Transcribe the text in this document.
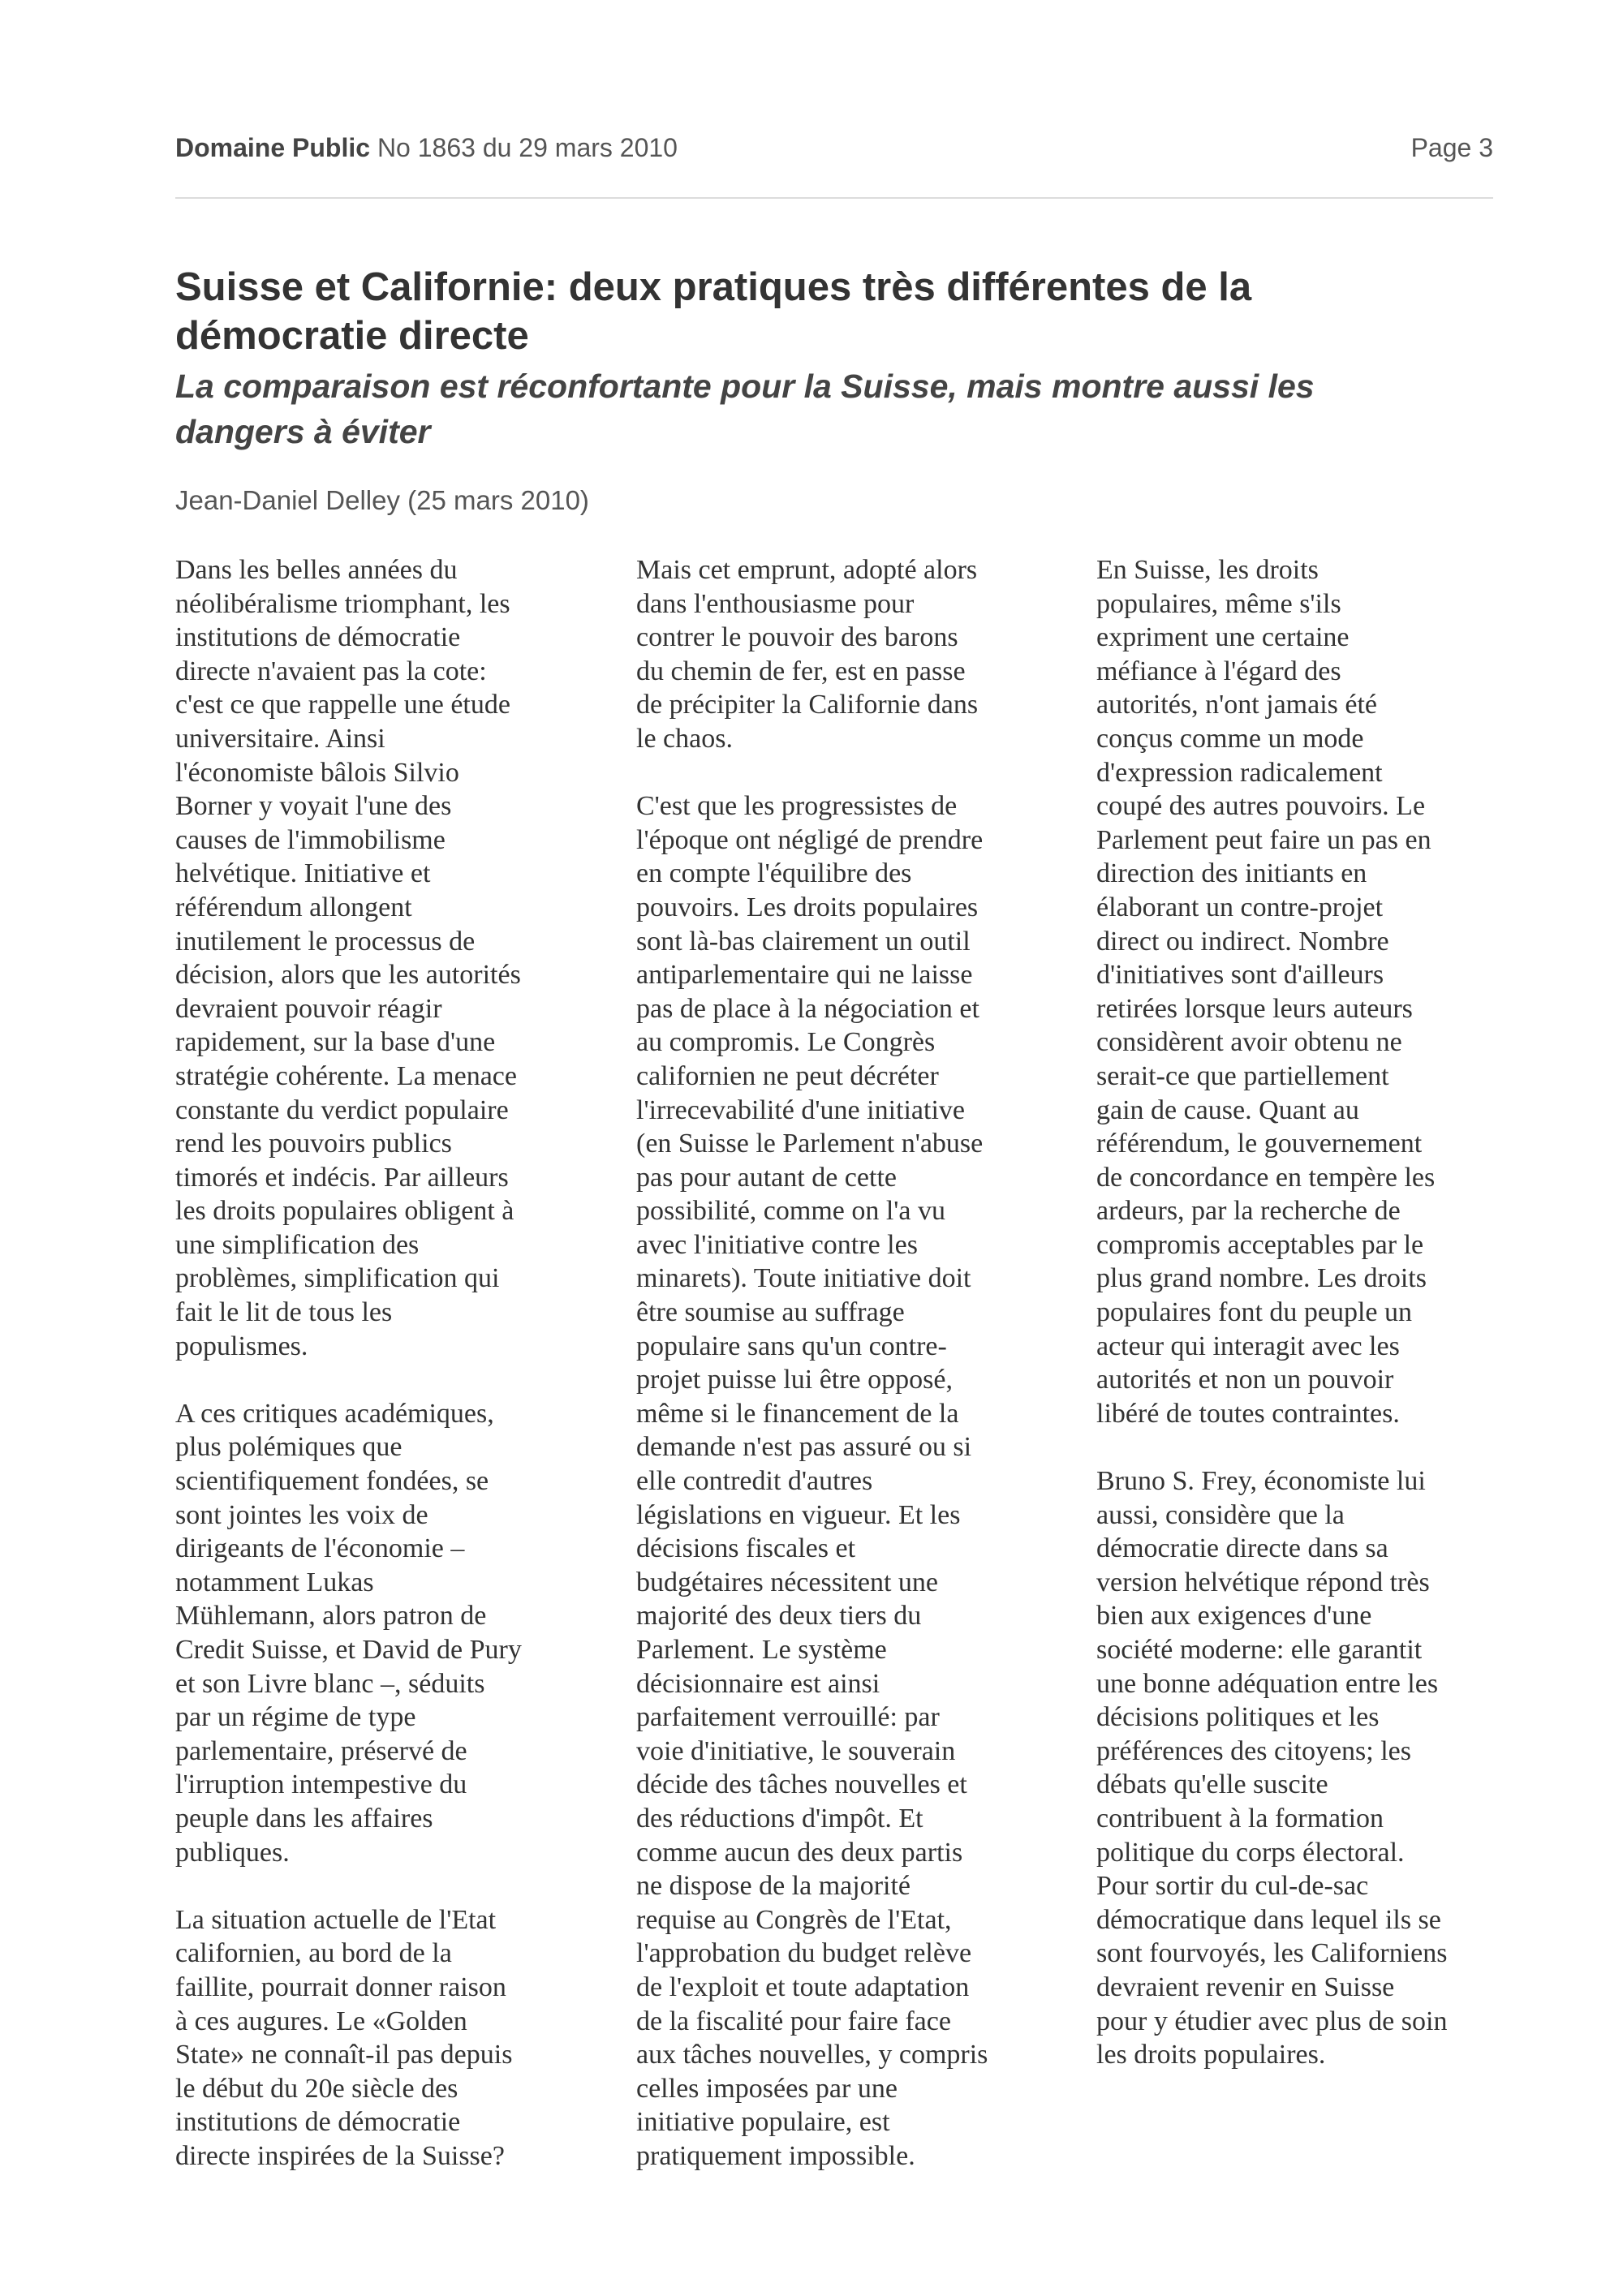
Domaine Public No 1863 du 29 mars 2010	Page 3
Suisse et Californie: deux pratiques très différentes de la
démocratie directe
La comparaison est réconfortante pour la Suisse, mais montre aussi les
dangers à éviter

Jean-Daniel Delley (25 mars 2010)

Dans les belles années du
néolibéralisme triomphant, les
institutions de démocratie
directe n'avaient pas la cote:
c'est ce que rappelle une étude
universitaire. Ainsi
l'économiste bâlois Silvio
Borner y voyait l'une des
causes de l'immobilisme
helvétique. Initiative et
référendum allongent
inutilement le processus de
décision, alors que les autorités
devraient pouvoir réagir
rapidement, sur la base d'une
stratégie cohérente. La menace
constante du verdict populaire
rend les pouvoirs publics
timorés et indécis. Par ailleurs
les droits populaires obligent à
une simplification des
problèmes, simplification qui
fait le lit de tous les
populismes.

A ces critiques académiques,
plus polémiques que
scientifiquement fondées, se
sont jointes les voix de
dirigeants de l'économie –
notamment Lukas
Mühlemann, alors patron de
Credit Suisse, et David de Pury
et son Livre blanc –, séduits
par un régime de type
parlementaire, préservé de
l'irruption intempestive du
peuple dans les affaires
publiques.

La situation actuelle de l'Etat
californien, au bord de la
faillite, pourrait donner raison
à ces augures. Le «Golden
State» ne connaît-il pas depuis
le début du 20e siècle des
institutions de démocratie
directe inspirées de la Suisse?

Mais cet emprunt, adopté alors
dans l'enthousiasme pour
contrer le pouvoir des barons
du chemin de fer, est en passe
de précipiter la Californie dans
le chaos.

C'est que les progressistes de
l'époque ont négligé de prendre
en compte l'équilibre des
pouvoirs. Les droits populaires
sont là-bas clairement un outil
antiparlementaire qui ne laisse
pas de place à la négociation et
au compromis. Le Congrès
californien ne peut décréter
l'irrecevabilité d'une initiative
(en Suisse le Parlement n'abuse
pas pour autant de cette
possibilité, comme on l'a vu
avec l'initiative contre les
minarets). Toute initiative doit
être soumise au suffrage
populaire sans qu'un contre-
projet puisse lui être opposé,
même si le financement de la
demande n'est pas assuré ou si
elle contredit d'autres
législations en vigueur. Et les
décisions fiscales et
budgétaires nécessitent une
majorité des deux tiers du
Parlement. Le système
décisionnaire est ainsi
parfaitement verrouillé: par
voie d'initiative, le souverain
décide des tâches nouvelles et
des réductions d'impôt. Et
comme aucun des deux partis
ne dispose de la majorité
requise au Congrès de l'Etat,
l'approbation du budget relève
de l'exploit et toute adaptation
de la fiscalité pour faire face
aux tâches nouvelles, y compris
celles imposées par une
initiative populaire, est
pratiquement impossible.

En Suisse, les droits
populaires, même s'ils
expriment une certaine
méfiance à l'égard des
autorités, n'ont jamais été
conçus comme un mode
d'expression radicalement
coupé des autres pouvoirs. Le
Parlement peut faire un pas en
direction des initiants en
élaborant un contre-projet
direct ou indirect. Nombre
d'initiatives sont d'ailleurs
retirées lorsque leurs auteurs
considèrent avoir obtenu ne
serait-ce que partiellement
gain de cause. Quant au
référendum, le gouvernement
de concordance en tempère les
ardeurs, par la recherche de
compromis acceptables par le
plus grand nombre. Les droits
populaires font du peuple un
acteur qui interagit avec les
autorités et non un pouvoir
libéré de toutes contraintes.

Bruno S. Frey, économiste lui
aussi, considère que la
démocratie directe dans sa
version helvétique répond très
bien aux exigences d'une
société moderne: elle garantit
une bonne adéquation entre les
décisions politiques et les
préférences des citoyens; les
débats qu'elle suscite
contribuent à la formation
politique du corps électoral.
Pour sortir du cul-de-sac
démocratique dans lequel ils se
sont fourvoyés, les Californiens
devraient revenir en Suisse
pour y étudier avec plus de soin
les droits populaires.
